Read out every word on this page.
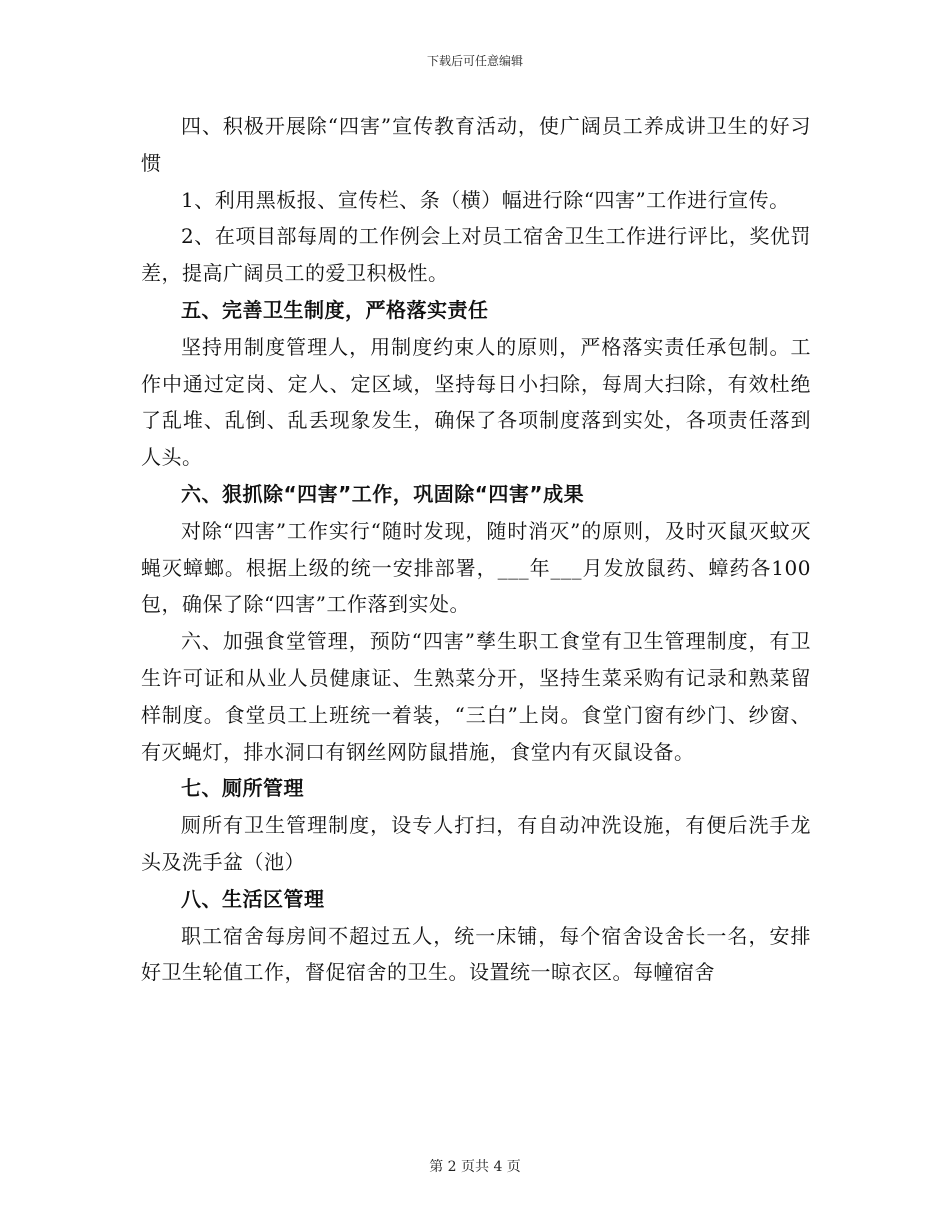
下载后可任意编辑

四、积极开展除“四害”宣传教育活动，使广阔员工养成讲卫生的好习惯

1、利用黑板报、宣传栏、条（横）幅进行除“四害”工作进行宣传。

2、在项目部每周的工作例会上对员工宿舍卫生工作进行评比，奖优罚差，提高广阔员工的爱卫积极性。

五、完善卫生制度，严格落实责任

坚持用制度管理人，用制度约束人的原则，严格落实责任承包制。工作中通过定岗、定人、定区域，坚持每日小扫除，每周大扫除，有效杜绝了乱堆、乱倒、乱丢现象发生，确保了各项制度落到实处，各项责任落到人头。

六、狠抓除“四害”工作，巩固除“四害”成果

对除“四害”工作实行“随时发现，随时消灭”的原则，及时灭鼠灭蚊灭蝇灭蟑螂。根据上级的统一安排部署，___年___月发放鼠药、蟑药各100包，确保了除“四害”工作落到实处。

六、加强食堂管理，预防“四害”孳生职工食堂有卫生管理制度，有卫生许可证和从业人员健康证、生熟菜分开，坚持生菜采购有记录和熟菜留样制度。食堂员工上班统一着装，“三白”上岗。食堂门窗有纱门、纱窗、有灭蝇灯，排水洞口有钢丝网防鼠措施，食堂内有灭鼠设备。

七、厕所管理

厕所有卫生管理制度，设专人打扫，有自动冲洗设施，有便后洗手龙头及洗手盆（池）

八、生活区管理

职工宿舍每房间不超过五人，统一床铺，每个宿舍设舍长一名，安排好卫生轮值工作，督促宿舍的卫生。设置统一晾衣区。每幢宿舍

第 2 页共 4 页
